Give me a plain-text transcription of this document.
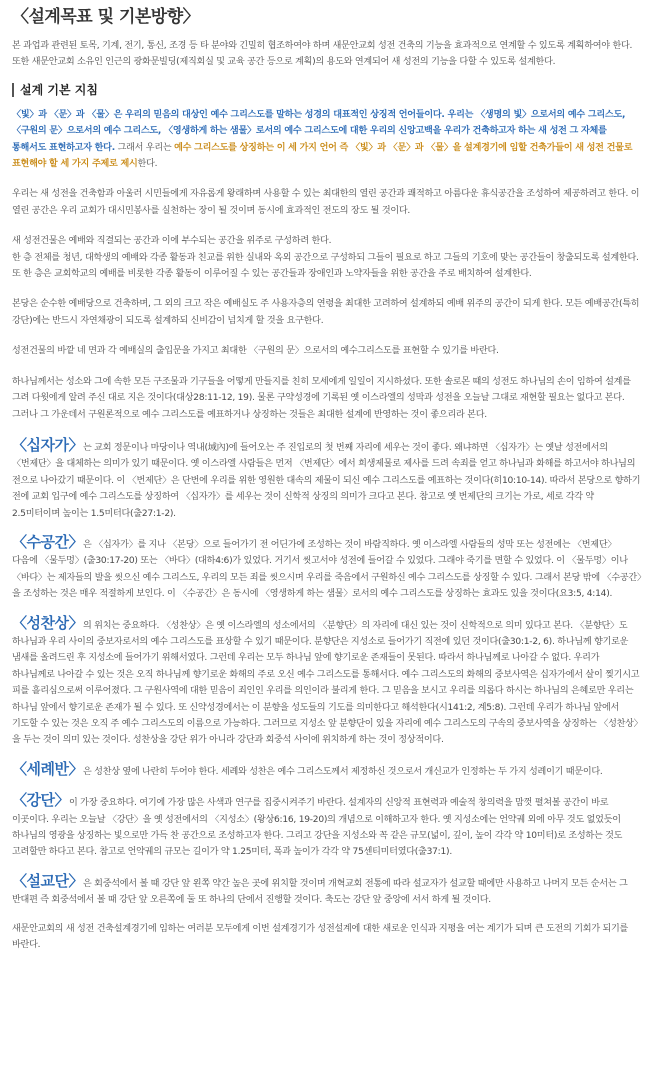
〈설계목표 및 기본방향〉

본 과업과 관련된 토목, 기계, 전기, 통신, 조경 등 타 분야와 긴밀히 협조하여야 하며 새문안교회 성전 건축의 기능을 효과적으로 연계할 수 있도록 계획하여야 한다. 또한 새문안교회 소유인 인근의 광화문빌딩(제직회실 및 교육 공간 등으로 계획)의 용도와 연계되어 새 성전의 기능을 다할 수 있도록 설계한다.

설계 기본 지침

〈빛〉과 〈문〉과 〈물〉은 우리의 믿음의 대상인 예수 그리스도를 말하는 성경의 대표적인 상징적 언어들이다. 우리는 〈생명의 빛〉으로서의 예수 그리스도, 〈구원의 문〉으로서의 예수 그리스도, 〈영생하게 하는 샘물〉로서의 예수 그리스도에 대한 우리의 신앙고백을 우리가 건축하고자 하는 새 성전 그 자체를 통해서도 표현하고자 한다. 그래서 우리는 예수 그리스도를 상징하는 이 세 가지 언어 즉 〈빛〉과 〈문〉과 〈물〉을 설계경기에 임할 건축가들이 새 성전 건물로 표현해야 할 세 가지 주제로 제시한다.

우리는 새 성전을 건축함과 아울러 시민들에게 자유롭게 왕래하며 사용할 수 있는 최대한의 열린 공간과 쾌적하고 아름다운 휴식공간을 조성하여 제공하려고 한다. 이 열린 공간은 우리 교회가 대시민봉사를 실천하는 장이 될 것이며 동시에 효과적인 전도의 장도 될 것이다.

새 성전건물은 예배와 직결되는 공간과 이에 부수되는 공간을 위주로 구성하려 한다.
한 층 전체를 청년, 대학생의 예배와 각종 활동과 친교를 위한 실내와 옥외 공간으로 구성하되 그들이 필요로 하고 그들의 기호에 맞는 공간들이 창출되도록 설계한다.
또 한 층은 교회학교의 예배를 비롯한 각종 활동이 이루어질 수 있는 공간들과 장애인과 노약자들을 위한 공간을 주로 배치하여 설계한다.

본당은 순수한 예배당으로 건축하며, 그 외의 크고 작은 예배실도 주 사용자층의 연령을 최대한 고려하여 설계하되 예배 위주의 공간이 되게 한다. 모든 예배공간(특히 강단)에는 반드시 자연채광이 되도록 설계하되 신비감이 넘치게 할 것을 요구한다.

성전건물의 바깥 네 면과 각 예배실의 출입문을 가지고 최대한 〈구원의 문〉으로서의 예수그리스도를 표현할 수 있기를 바란다.

하나님께서는 성소와 그에 속한 모든 구조물과 기구들을 어떻게 만들지를 친히 모세에게 일일이 지시하셨다. 또한 솔로몬 때의 성전도 하나님의 손이 임하여 설계를 그려 다윗에게 알려 주신 대로 지은 것이다(대상28:11-12, 19). 물론 구약성경에 기록된 옛 이스라엘의 성막과 성전을 오늘날 그대로 재현할 필요는 없다고 본다. 그러나 그 가운데서 구원론적으로 예수 그리스도를 예표하거나 상징하는 것들은 최대한 설계에 반영하는 것이 좋으리라 본다.

〈십자가〉는 교회 정문이나 마당이나 역내(域內)에 들어오는 주 진입로의 첫 번째 자리에 세우는 것이 좋다. 왜냐하면 〈십자가〉는 옛날 성전에서의 〈번제단〉을 대체하는 의미가 있기 때문이다. 옛 이스라엘 사람들은 먼저 〈번제단〉에서 희생제물로 제사를 드려 속죄를 얻고 하나님과 화해를 하고서야 하나님의 전으로 나아갔기 때문이다. 이 〈번제단〉은 단번에 우리를 위한 영원한 대속의 제물이 되신 예수 그리스도를 예표하는 것이다(히10:10-14). 따라서 본당으로 향하기 전에 교회 입구에 예수 그리스도를 상징하여 〈십자가〉를 세우는 것이 신학적 상징의 의미가 크다고 본다. 참고로 옛 번제단의 크기는 가로, 세로 각각 약 2.5미터이며 높이는 1.5미터다(출27:1-2).

〈수공간〉은 〈십자가〉를 지나 〈본당〉으로 들어가기 전 어딘가에 조성하는 것이 바람직하다. 옛 이스라엘 사람들의 성막 또는 성전에는 〈번제단〉 다음에 〈물두멍〉(출30:17-20) 또는 〈바다〉(대하4:6)가 있었다. 거기서 씻고서야 성전에 들어갈 수 있었다. 그래야 죽기를 면할 수 있었다. 이 〈물두멍〉이나 〈바다〉는 제자들의 발을 씻으신 예수 그리스도, 우리의 모든 죄를 씻으시며 우리를 죽음에서 구원하신 예수 그리스도를 상징할 수 있다. 그래서 본당 밖에 〈수공간〉을 조성하는 것은 매우 적절하게 보인다. 이 〈수공간〉은 동시에 〈영생하게 하는 샘물〉로서의 예수 그리스도를 상징하는 효과도 있을 것이다(요3:5, 4:14).

〈성찬상〉의 위치는 중요하다. 〈성찬상〉은 옛 이스라엘의 성소에서의 〈분향단〉의 자리에 대신 있는 것이 신학적으로 의미 있다고 본다. 〈분향단〉도 하나님과 우리 사이의 중보자로서의 예수 그리스도를 표상할 수 있기 때문이다. 분향단은 지성소로 들어가기 직전에 있던 것이다(출30:1-2, 6). 하나님께 향기로운 냄새를 올려드린 후 지성소에 들어가기 위해서였다. 그런데 우리는 모두 하나님 앞에 향기로운 존재들이 못된다. 따라서 하나님께로 나아갈 수 없다. 우리가 하나님께로 나아갈 수 있는 것은 오직 하나님께 향기로운 화해의 주로 오신 예수 그리스도를 통해서다. 예수 그리스도의 화해의 중보사역은 십자가에서 살이 찢기시고 피를 흘리심으로써 이루어졌다. 그 구원사역에 대한 믿음이 죄인인 우리를 의인이라 불리게 한다. 그 믿음을 보시고 우리를 의롭다 하시는 하나님의 은혜로만 우리는 하나님 앞에서 향기로운 존재가 될 수 있다. 또 신약성경에서는 이 분향을 성도들의 기도를 의미한다고 해석한다(시141:2, 계5:8). 그런데 우리가 하나님 앞에서 기도할 수 있는 것은 오직 주 예수 그리스도의 이름으로 가능하다. 그러므로 지성소 앞 분향단이 있을 자리에 예수 그리스도의 구속의 중보사역을 상징하는 〈성찬상〉을 두는 것이 의미 있는 것이다. 성찬상을 강단 위가 아니라 강단과 회중석 사이에 위치하게 하는 것이 정상적이다.

〈세례반〉은 성찬상 옆에 나란히 두어야 한다. 세례와 성찬은 예수 그리스도께서 제정하신 것으로서 개신교가 인정하는 두 가지 성례이기 때문이다.

〈강단〉이 가장 중요하다. 여기에 가장 많은 사색과 연구를 집중시켜주기 바란다. 설계자의 신앙적 표현력과 예술적 창의력을 맘껏 펼쳐볼 공간이 바로 이곳이다. 우리는 오늘날 〈강단〉을 옛 성전에서의 〈지성소〉(왕상6:16, 19-20)의 개념으로 이해하고자 한다. 옛 지성소에는 언약궤 외에 아무 것도 없었듯이 하나님의 영광을 상징하는 빛으로만 가득 찬 공간으로 조성하고자 한다. 그리고 강단을 지성소와 꼭 같은 규모(넓이, 깊이, 높이 각각 약 10미터)로 조성하는 것도 고려할만 하다고 본다. 참고로 언약궤의 규모는 길이가 약 1.25미터, 폭과 높이가 각각 약 75센티미터였다(출37:1).

〈설교단〉은 회중석에서 볼 때 강단 앞 왼쪽 약간 높은 곳에 위치할 것이며 개혁교회 전통에 따라 설교자가 설교할 때에만 사용하고 나머지 모든 순서는 그 반대편 즉 회중석에서 볼 때 강단 앞 오른쪽에 둘 또 하나의 단에서 진행할 것이다. 축도는 강단 앞 중앙에 서서 하게 될 것이다.

새문안교회의 새 성전 건축설계경기에 임하는 여러분 모두에게 이번 설계경기가 성전설계에 대한 새로운 인식과 지평을 여는 계기가 되며 큰 도전의 기회가 되기를 바란다.
